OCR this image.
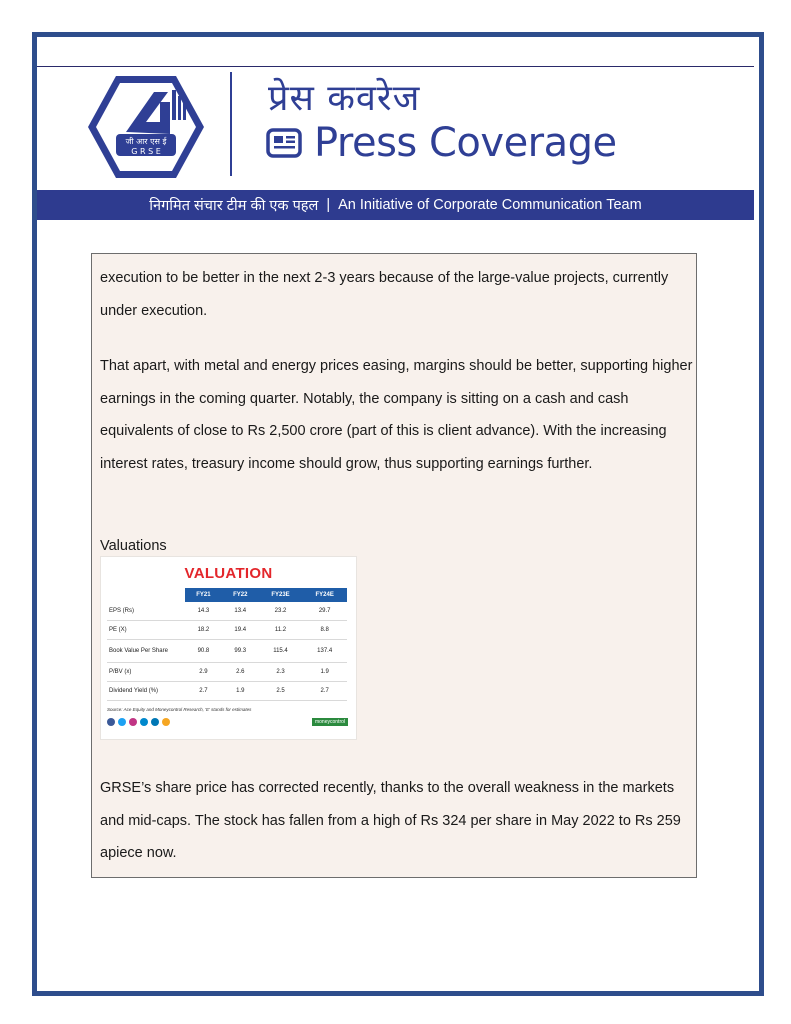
जी आर एस ई
G R S E
प्रेस कवरेज
Press Coverage
निगमित संचार टीम की एक पहल | An Initiative of Corporate Communication Team

execution to be better in the next 2-3 years because of the large-value projects, currently under execution.

That apart, with metal and energy prices easing, margins should be better, supporting higher earnings in the coming quarter. Notably, the company is sitting on a cash and cash equivalents of close to Rs 2,500 crore (part of this is client advance). With the increasing interest rates, treasury income should grow, thus supporting earnings further.

Valuations
VALUATION
	FY21	FY22	FY23E	FY24E
EPS (Rs)	14.3	13.4	23.2	29.7
PE (X)	18.2	19.4	11.2	8.8
Book Value Per Share	90.8	99.3	115.4	137.4
P/BV (x)	2.9	2.6	2.3	1.9
Dividend Yield (%)	2.7	1.9	2.5	2.7
Source: Ace Equity and Moneycontrol Research, 'E' stands for estimates
moneycontrol

GRSE’s share price has corrected recently, thanks to the overall weakness in the markets and mid-caps. The stock has fallen from a high of Rs 324 per share in May 2022 to Rs 259 apiece now.
